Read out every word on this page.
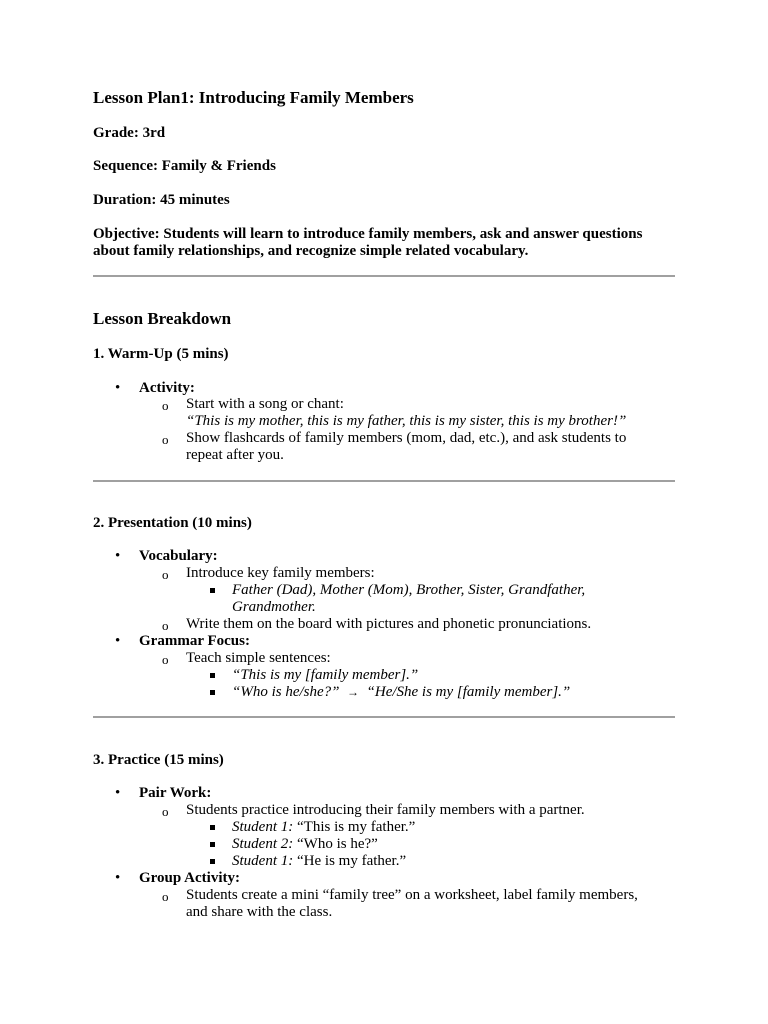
Lesson Plan1: Introducing Family Members
Grade: 3rd
Sequence: Family & Friends
Duration: 45 minutes
Objective: Students will learn to introduce family members, ask and answer questions
about family relationships, and recognize simple related vocabulary.
Lesson Breakdown
1. Warm-Up (5 mins)
• Activity:
o Start with a song or chant:
“This is my mother, this is my father, this is my sister, this is my brother!”
o Show flashcards of family members (mom, dad, etc.), and ask students to
repeat after you.
2. Presentation (10 mins)
• Vocabulary:
o Introduce key family members:
Father (Dad), Mother (Mom), Brother, Sister, Grandfather,
Grandmother.
o Write them on the board with pictures and phonetic pronunciations.
• Grammar Focus:
o Teach simple sentences:
“This is my [family member].”
“Who is he/she?” → “He/She is my [family member].”
3. Practice (15 mins)
• Pair Work:
o Students practice introducing their family members with a partner.
Student 1: “This is my father.”
Student 2: “Who is he?”
Student 1: “He is my father.”
• Group Activity:
o Students create a mini “family tree” on a worksheet, label family members,
and share with the class.
